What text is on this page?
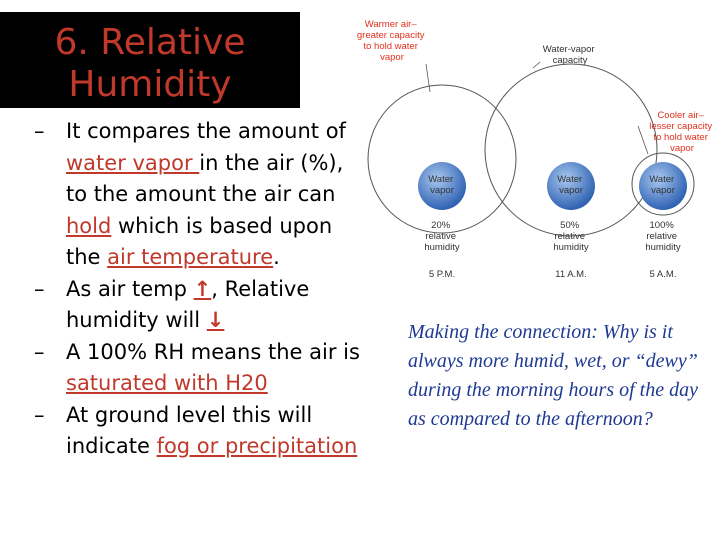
6. Relative
Humidity
– It compares the amount of
water vapor in the air (%),
to the amount the air can
hold which is based upon
the air temperature.
– As air temp ↑, Relative
humidity will ↓
– A 100% RH means the air is
saturated with H20
– At ground level this will
indicate fog or precipitation
Warmer air– greater capacity to hold water vapor
Water-vapor capacity
Cooler air– lesser capacity to hold water vapor
Water vapor
Water vapor
Water vapor
20% relative humidity
50% relative humidity
100% relative humidity
5 P.M.	11 A.M.	5 A.M.
Making the connection: Why is it always more humid, wet, or “dewy” during the morning hours of the day as compared to the afternoon?
